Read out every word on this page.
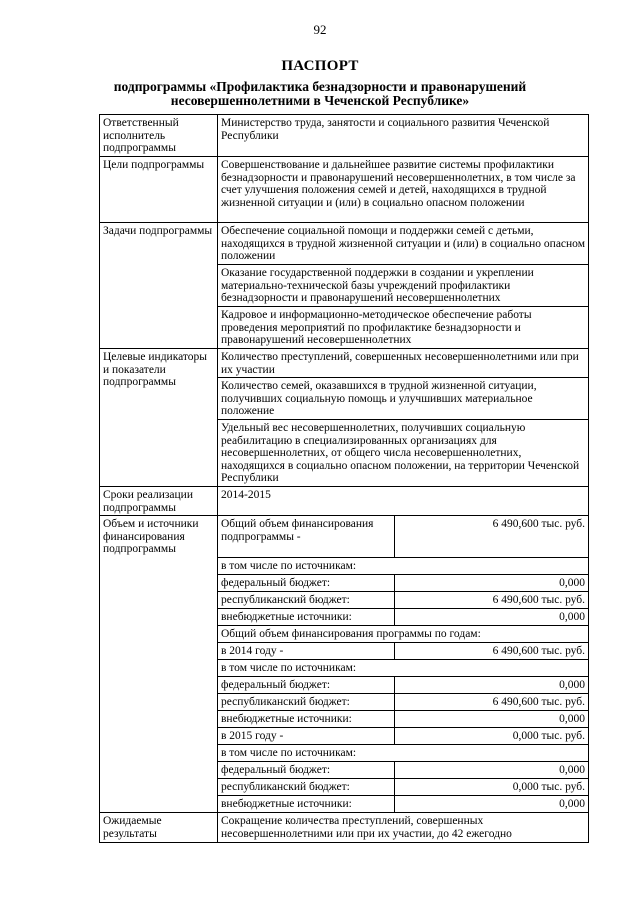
92
ПАСПОРТ
подпрограммы «Профилактика безнадзорности и правонарушений несовершеннолетними в Чеченской Республике»
Ответственный исполнитель подпрограммы	Министерство труда, занятости и социального развития Чеченской Республики
Цели подпрограммы	Совершенствование и дальнейшее развитие системы профилактики безнадзорности и правонарушений несовершеннолетних, в том числе за счет улучшения положения семей и детей, находящихся в трудной жизненной ситуации и (или) в социально опасном положении
Задачи подпрограммы	Обеспечение социальной помощи и поддержки семей с детьми, находящихся в трудной жизненной ситуации и (или) в социально опасном положении
Оказание государственной поддержки в создании и укреплении материально-технической базы учреждений профилактики безнадзорности и правонарушений несовершеннолетних
Кадровое и информационно-методическое обеспечение работы проведения мероприятий по профилактике безнадзорности и правонарушений несовершеннолетних
Целевые индикаторы и показатели подпрограммы	Количество преступлений, совершенных несовершеннолетними или при их участии
Количество семей, оказавшихся в трудной жизненной ситуации, получивших социальную помощь и улучшивших материальное положение
Удельный вес несовершеннолетних, получивших социальную реабилитацию в специализированных организациях для несовершеннолетних, от общего числа несовершеннолетних, находящихся в социально опасном положении, на территории Чеченской Республики
Сроки реализации подпрограммы	2014-2015
Объем и источники финансирования подпрограммы	
Общий объем финансирования подпрограммы -	6 490,600 тыс. руб.
в том числе по источникам:
федеральный бюджет:	0,000
республиканский бюджет:	6 490,600 тыс. руб.
внебюджетные источники:	0,000
Общий объем финансирования программы по годам:
в 2014 году -	6 490,600 тыс. руб.
в том числе по источникам:
федеральный бюджет:	0,000
республиканский бюджет:	6 490,600 тыс. руб.
внебюджетные источники:	0,000
в 2015 году -	0,000 тыс. руб.
в том числе по источникам:
федеральный бюджет:	0,000
республиканский бюджет:	0,000 тыс. руб.
внебюджетные источники:	0,000

Ожидаемые результаты	Сокращение количества преступлений, совершенных несовершеннолетними или при их участии, до 42 ежегодно
